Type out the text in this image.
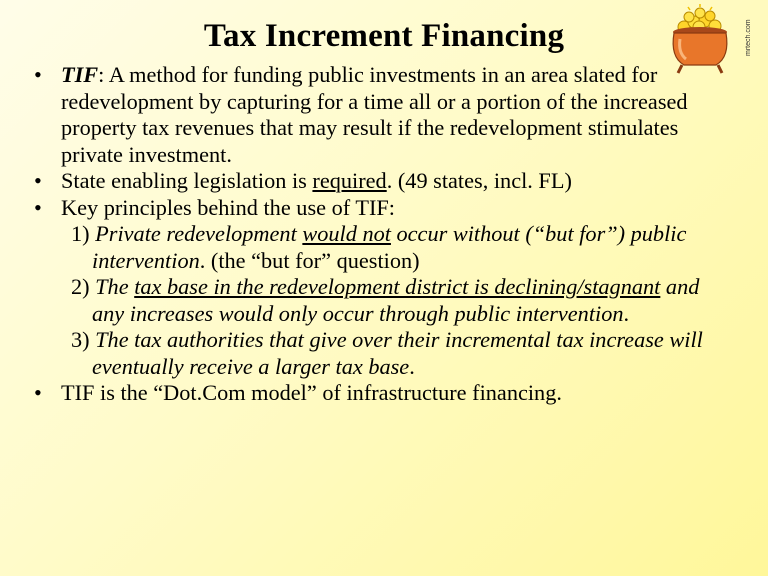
Tax Increment Financing	mrtech.com
• TIF: A method for funding public investments in an area slated for redevelopment by capturing for a time all or a portion of the increased property tax revenues that may result if the redevelopment stimulates private investment.
• State enabling legislation is required. (49 states, incl. FL)
• Key principles behind the use of TIF:
1) Private redevelopment would not occur without (“but for”) public intervention. (the “but for” question)
2) The tax base in the redevelopment district is declining/stagnant and any increases would only occur through public intervention.
3) The tax authorities that give over their incremental tax increase will eventually receive a larger tax base.
• TIF is the “Dot.Com model” of infrastructure financing.
